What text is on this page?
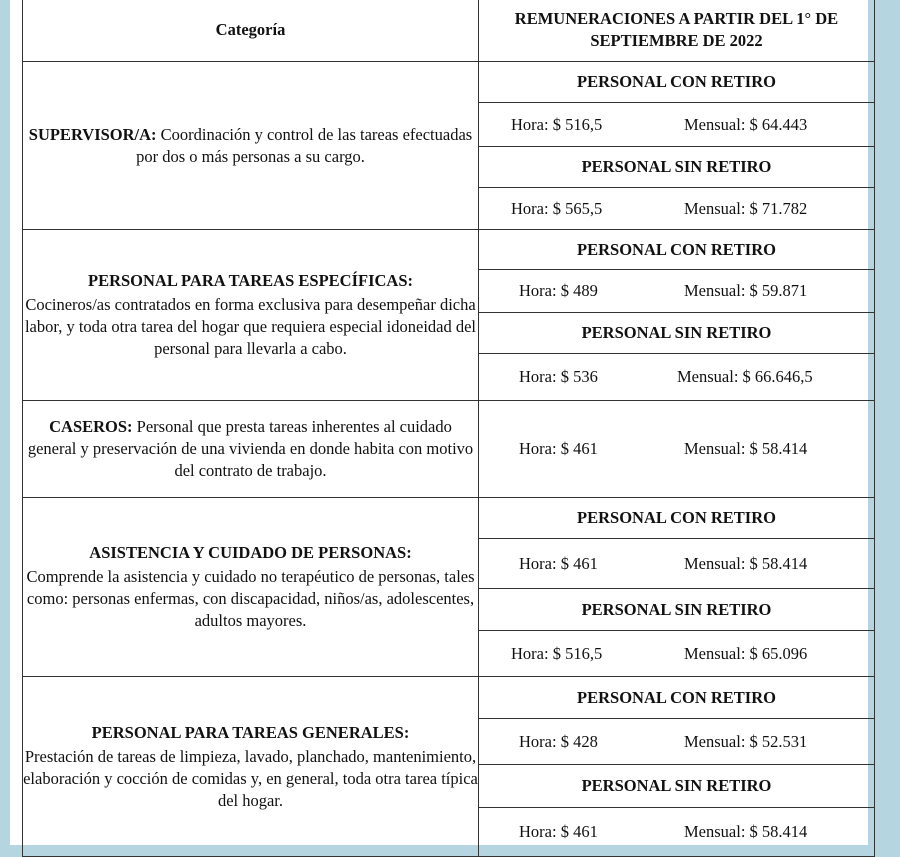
Categoría	REMUNERACIONES A PARTIR DEL 1° DE SEPTIEMBRE DE 2022
SUPERVISOR/A: Coordinación y control de las tareas efectuadas por dos o más personas a su cargo.	PERSONAL CON RETIRO

	Hora: $ 516,5 Mensual: $ 64.443

	PERSONAL SIN RETIRO

	Hora: $ 565,5 Mensual: $ 71.782

PERSONAL PARA TAREAS ESPECÍFICAS:
Cocineros/as contratados en forma exclusiva para desempeñar dicha labor, y toda otra tarea del hogar que requiera especial idoneidad del personal para llevarla a cabo.	PERSONAL CON RETIRO

	Hora: $ 489 Mensual: $ 59.871

	PERSONAL SIN RETIRO

	Hora: $ 536 Mensual: $ 66.646,5

CASEROS: Personal que presta tareas inherentes al cuidado general y preservación de una vivienda en donde habita con motivo del contrato de trabajo.	Hora: $ 461 Mensual: $ 58.414

ASISTENCIA Y CUIDADO DE PERSONAS:
Comprende la asistencia y cuidado no terapéutico de personas, tales como: personas enfermas, con discapacidad, niños/as, adolescentes, adultos mayores.	PERSONAL CON RETIRO

	Hora: $ 461 Mensual: $ 58.414

	PERSONAL SIN RETIRO

	Hora: $ 516,5 Mensual: $ 65.096

PERSONAL PARA TAREAS GENERALES:
Prestación de tareas de limpieza, lavado, planchado, mantenimiento, elaboración y cocción de comidas y, en general, toda otra tarea típica del hogar.	PERSONAL CON RETIRO

	Hora: $ 428 Mensual: $ 52.531

	PERSONAL SIN RETIRO

	Hora: $ 461 Mensual: $ 58.414
